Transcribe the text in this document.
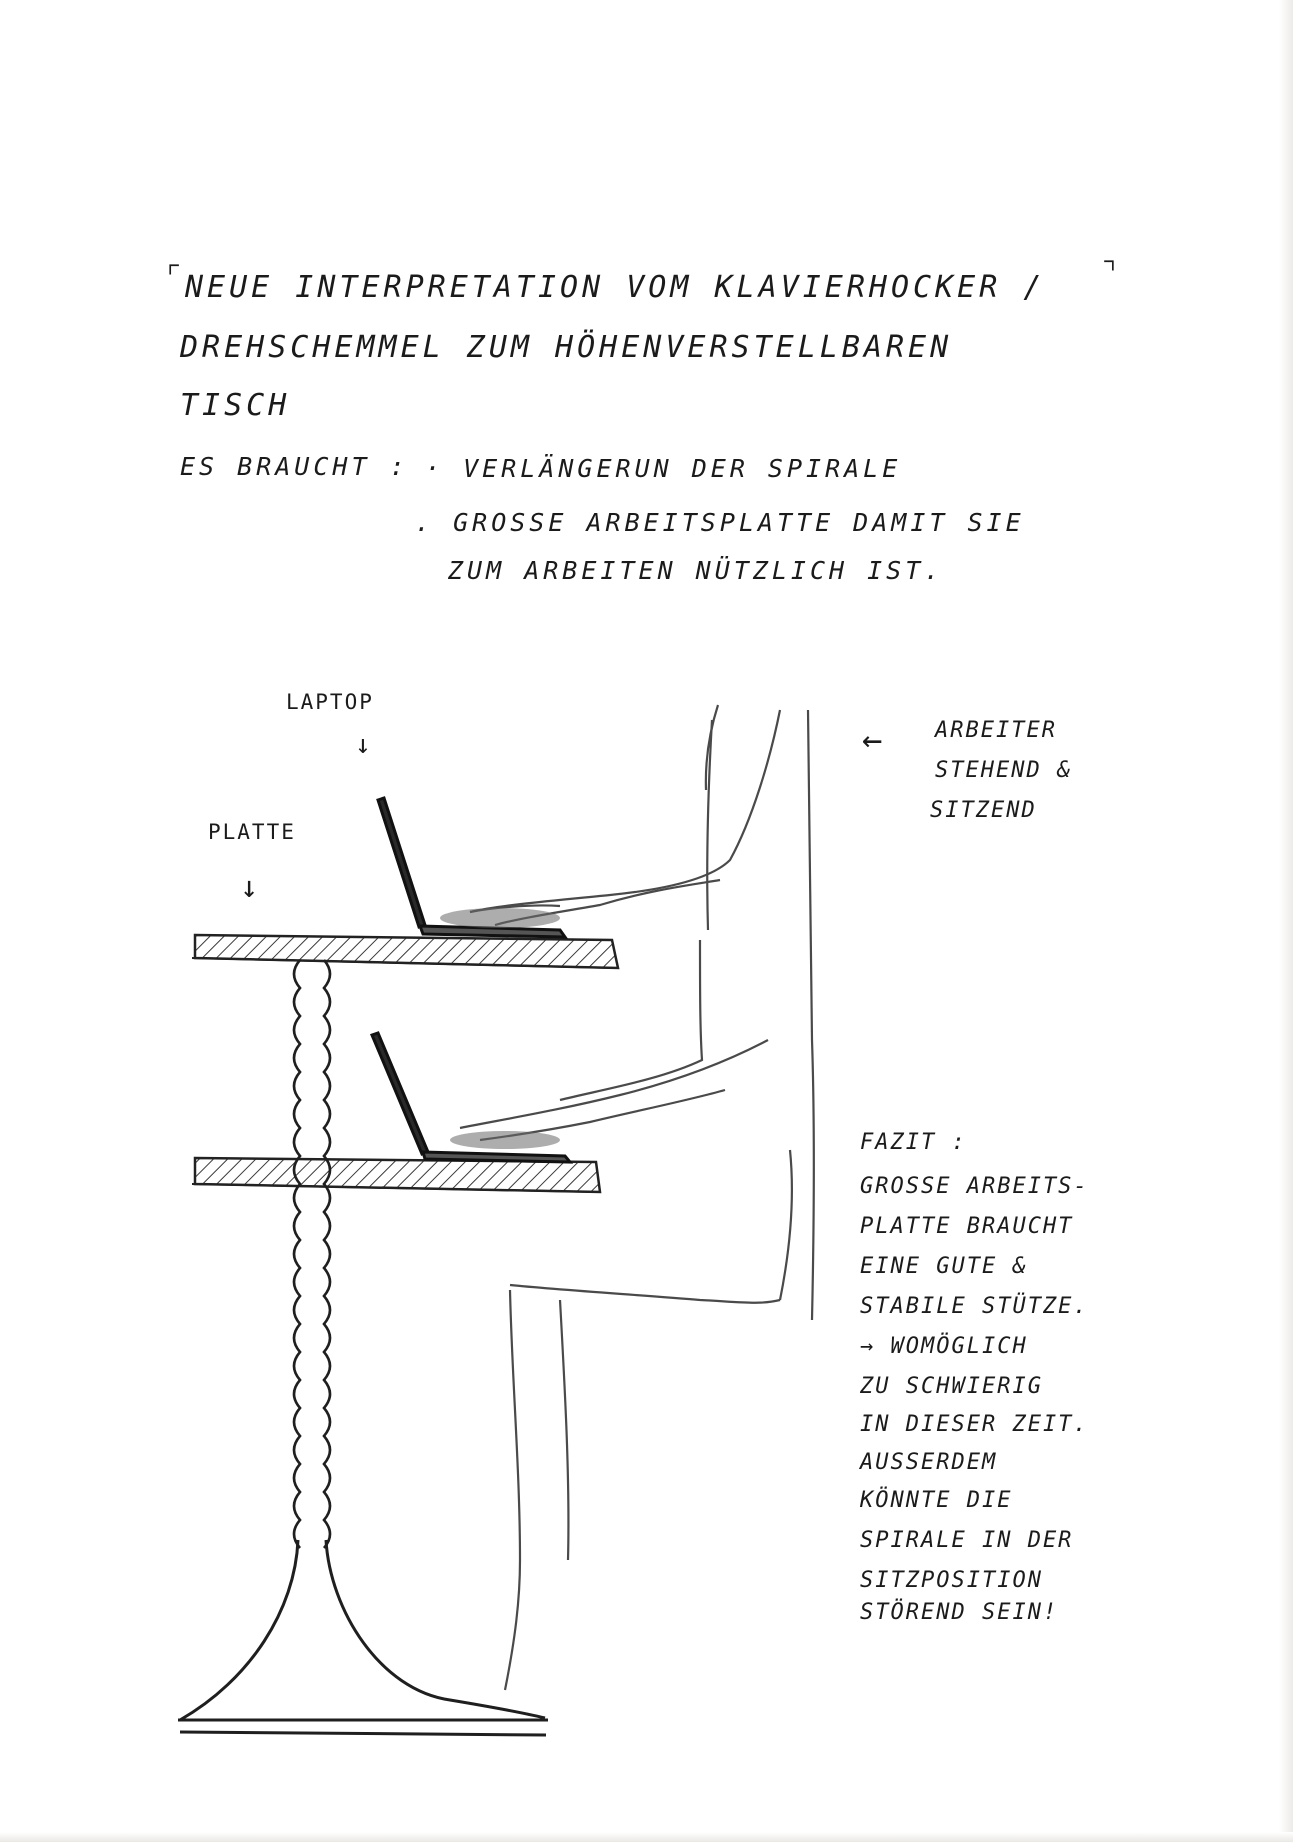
⌜

NEUE INTERPRETATION VOM KLAVIERHOCKER / ⌝

DREHSCHEMMEL ZUM HÖHENVERSTELLBAREN

TISCH

ES BRAUCHT : · VERLÄNGERUN DER SPIRALE

. GROSSE ARBEITSPLATTE DAMIT SIE

ZUM ARBEITEN NÜTZLICH IST.

LAPTOP

↓

PLATTE

↓
← ARBEITER

STEHEND &

SITZEND

FAZIT :

GROSSE ARBEITS-

PLATTE BRAUCHT

EINE GUTE &

STABILE STÜTZE.

→ WOMÖGLICH

ZU SCHWIERIG

IN DIESER ZEIT.

AUSSERDEM

KÖNNTE DIE

SPIRALE IN DER

SITZPOSITION

STÖREND SEIN!
